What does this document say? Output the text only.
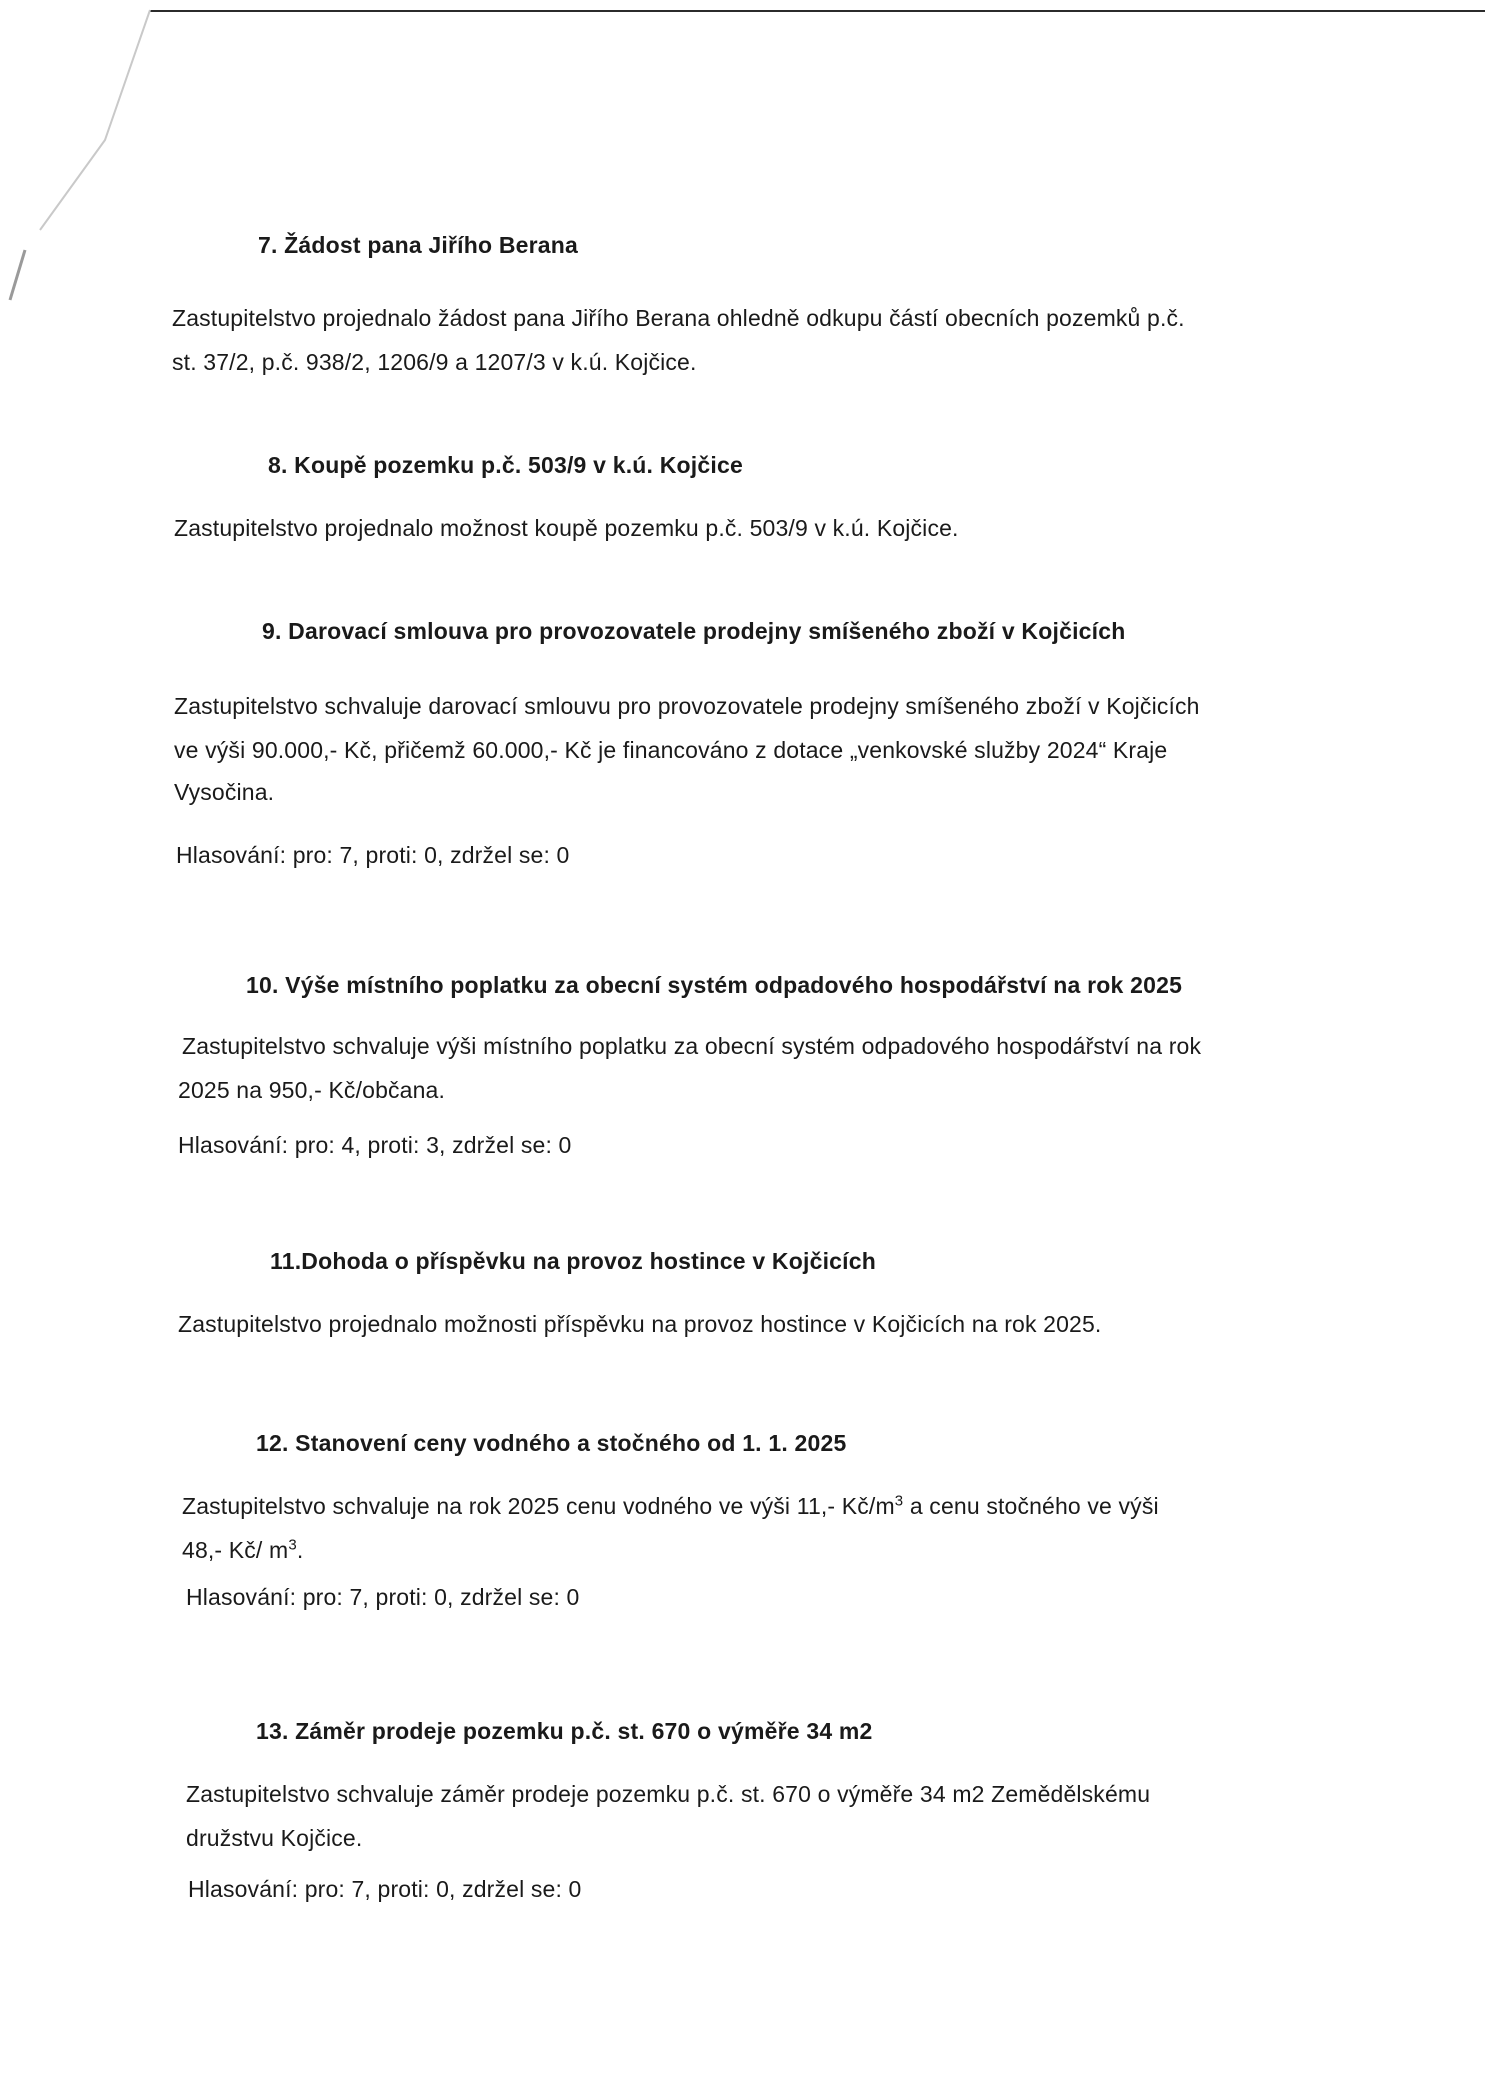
7. Žádost pana Jiřího Berana
Zastupitelstvo projednalo žádost pana Jiřího Berana ohledně odkupu částí obecních pozemků p.č.
st. 37/2, p.č. 938/2, 1206/9 a 1207/3 v k.ú. Kojčice.
8. Koupě pozemku p.č. 503/9 v k.ú. Kojčice
Zastupitelstvo projednalo možnost koupě pozemku p.č. 503/9 v k.ú. Kojčice.
9. Darovací smlouva pro provozovatele prodejny smíšeného zboží v Kojčicích
Zastupitelstvo schvaluje darovací smlouvu pro provozovatele prodejny smíšeného zboží v Kojčicích
ve výši 90.000,- Kč, přičemž 60.000,- Kč je financováno z dotace „venkovské služby 2024“ Kraje
Vysočina.
Hlasování: pro: 7, proti: 0, zdržel se: 0
10. Výše místního poplatku za obecní systém odpadového hospodářství na rok 2025
Zastupitelstvo schvaluje výši místního poplatku za obecní systém odpadového hospodářství na rok
2025 na 950,- Kč/občana.
Hlasování: pro: 4, proti: 3, zdržel se: 0
11.Dohoda o příspěvku na provoz hostince v Kojčicích
Zastupitelstvo projednalo možnosti příspěvku na provoz hostince v Kojčicích na rok 2025.
12. Stanovení ceny vodného a stočného od 1. 1. 2025
Zastupitelstvo schvaluje na rok 2025 cenu vodného ve výši 11,- $Kč/m^3$ a cenu stočného ve výši
48,- Kč/ $m^3$.
Hlasování: pro: 7, proti: 0, zdržel se: 0
13. Záměr prodeje pozemku p.č. st. 670 o výměře 34 m2
Zastupitelstvo schvaluje záměr prodeje pozemku p.č. st. 670 o výměře 34 m2 Zemědělskému
družstvu Kojčice.
Hlasování: pro: 7, proti: 0, zdržel se: 0
